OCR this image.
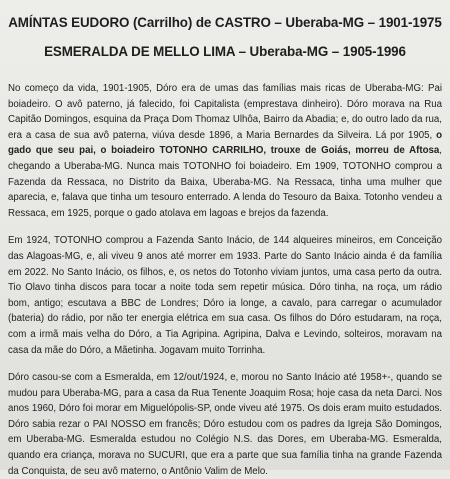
AMÍNTAS EUDORO (Carrilho) de CASTRO – Uberaba-MG – 1901-1975
ESMERALDA DE MELLO LIMA – Uberaba-MG – 1905-1996

No começo da vida, 1901-1905, Dóro era de umas das famílias mais ricas de Uberaba-MG: Pai boiadeiro. O avô paterno, já falecido, foi Capitalista (emprestava dinheiro). Dóro morava na Rua Capitão Domingos, esquina da Praça Dom Thomaz Ulhôa, Bairro da Abadia; e, do outro lado da rua, era a casa de sua avô paterna, viúva desde 1896, a Maria Bernardes da Silveira. Lá por 1905, o gado que seu pai, o boiadeiro TOTONHO CARRILHO, trouxe de Goiás, morreu de Aftosa, chegando a Uberaba-MG. Nunca mais TOTONHO foi boiadeiro. Em 1909, TOTONHO comprou a Fazenda da Ressaca, no Distrito da Baixa, Uberaba-MG. Na Ressaca, tinha uma mulher que aparecia, e, falava que tinha um tesouro enterrado. A lenda do Tesouro da Baixa. Totonho vendeu a Ressaca, em 1925, porque o gado atolava em lagoas e brejos da fazenda.

Em 1924, TOTONHO comprou a Fazenda Santo Inácio, de 144 alqueires mineiros, em Conceição das Alagoas-MG, e, ali viveu 9 anos até morrer em 1933. Parte do Santo Inácio ainda é da família em 2022. No Santo Inácio, os filhos, e, os netos do Totonho viviam juntos, uma casa perto da outra. Tio Olavo tinha discos para tocar a noite toda sem repetir música. Dóro tinha, na roça, um rádio bom, antigo; escutava a BBC de Londres; Dóro ia longe, a cavalo, para carregar o acumulador (bateria) do rádio, por não ter energia elétrica em sua casa. Os filhos do Dóro estudaram, na roça, com a irmã mais velha do Dóro, a Tia Agripina. Agripina, Dalva e Levindo, solteiros, moravam na casa da mãe do Dóro, a Mãetinha. Jogavam muito Torrinha.

Dóro casou-se com a Esmeralda, em 12/out/1924, e, morou no Santo Inácio até 1958+-, quando se mudou para Uberaba-MG, para a casa da Rua Tenente Joaquim Rosa; hoje casa da neta Darci. Nos anos 1960, Dóro foi morar em Miguelópolis-SP, onde viveu até 1975. Os dois eram muito estudados. Dóro sabia rezar o PAI NOSSO em francês; Dóro estudou com os padres da Igreja São Domingos, em Uberaba-MG. Esmeralda estudou no Colégio N.S. das Dores, em Uberaba-MG. Esmeralda, quando era criança, morava no SUCURI, que era a parte que sua família tinha na grande Fazenda da Conquista, de seu avô materno, o Antônio Valim de Melo.
